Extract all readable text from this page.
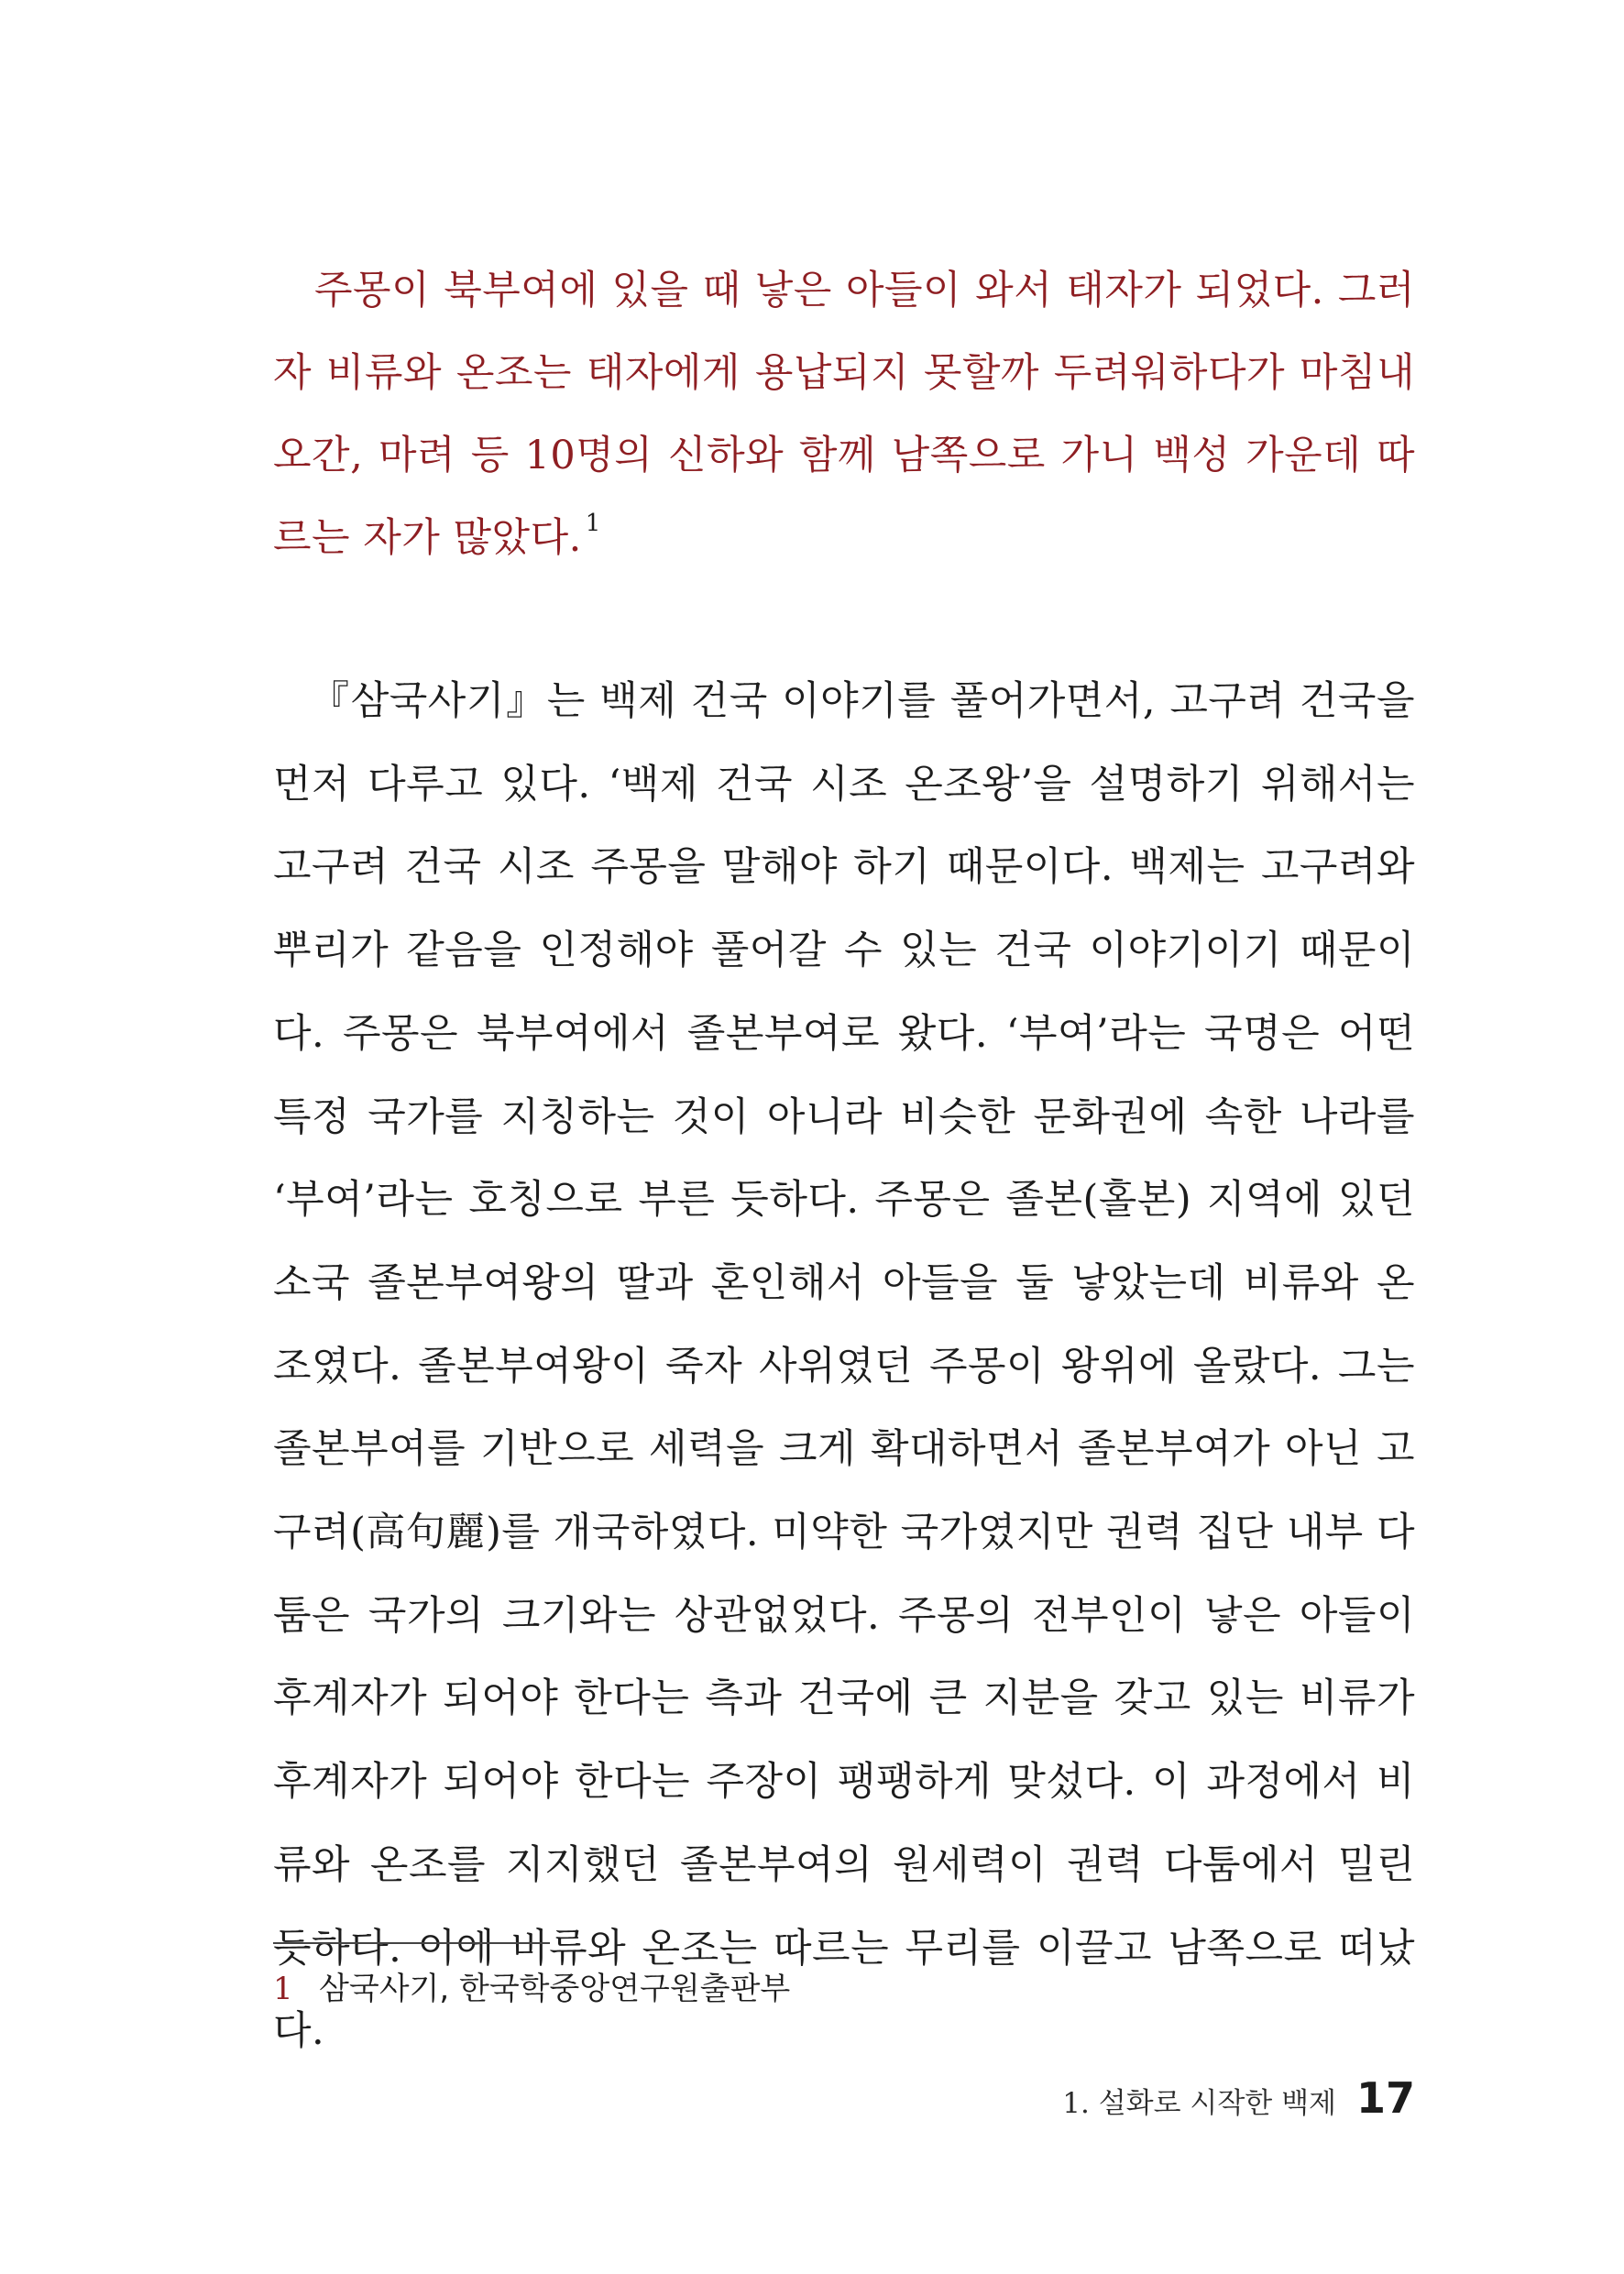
주몽이 북부여에 있을 때 낳은 아들이 와서 태자가 되었다. 그러자 비류와 온조는 태자에게 용납되지 못할까 두려워하다가 마침내 오간, 마려 등 10명의 신하와 함께 남쪽으로 가니 백성 가운데 따르는 자가 많았다. $^1$
『삼국사기』는 백제 건국 이야기를 풀어가면서, 고구려 건국을 먼저 다루고 있다. ‘백제 건국 시조 온조왕’을 설명하기 위해서는 고구려 건국 시조 주몽을 말해야 하기 때문이다. 백제는 고구려와 뿌리가 같음을 인정해야 풀어갈 수 있는 건국 이야기이기 때문이다. 주몽은 북부여에서 졸본부여로 왔다. ‘부여’라는 국명은 어떤 특정 국가를 지칭하는 것이 아니라 비슷한 문화권에 속한 나라를 ‘부여’라는 호칭으로 부른 듯하다. 주몽은 졸본(홀본) 지역에 있던 소국 졸본부여왕의 딸과 혼인해서 아들을 둘 낳았는데 비류와 온조였다. 졸본부여왕이 죽자 사위였던 주몽이 왕위에 올랐다. 그는 졸본부여를 기반으로 세력을 크게 확대하면서 졸본부여가 아닌 고구려(高句麗)를 개국하였다. 미약한 국가였지만 권력 집단 내부 다툼은 국가의 크기와는 상관없었다. 주몽의 전부인이 낳은 아들이 후계자가 되어야 한다는 측과 건국에 큰 지분을 갖고 있는 비류가 후계자가 되어야 한다는 주장이 팽팽하게 맞섰다. 이 과정에서 비류와 온조를 지지했던 졸본부여의 원세력이 권력 다툼에서 밀린 듯하다. 이에 비류와 온조는 따르는 무리를 이끌고 남쪽으로 떠났다.
1 삼국사기, 한국학중앙연구원출판부
1. 설화로 시작한 백제 17
